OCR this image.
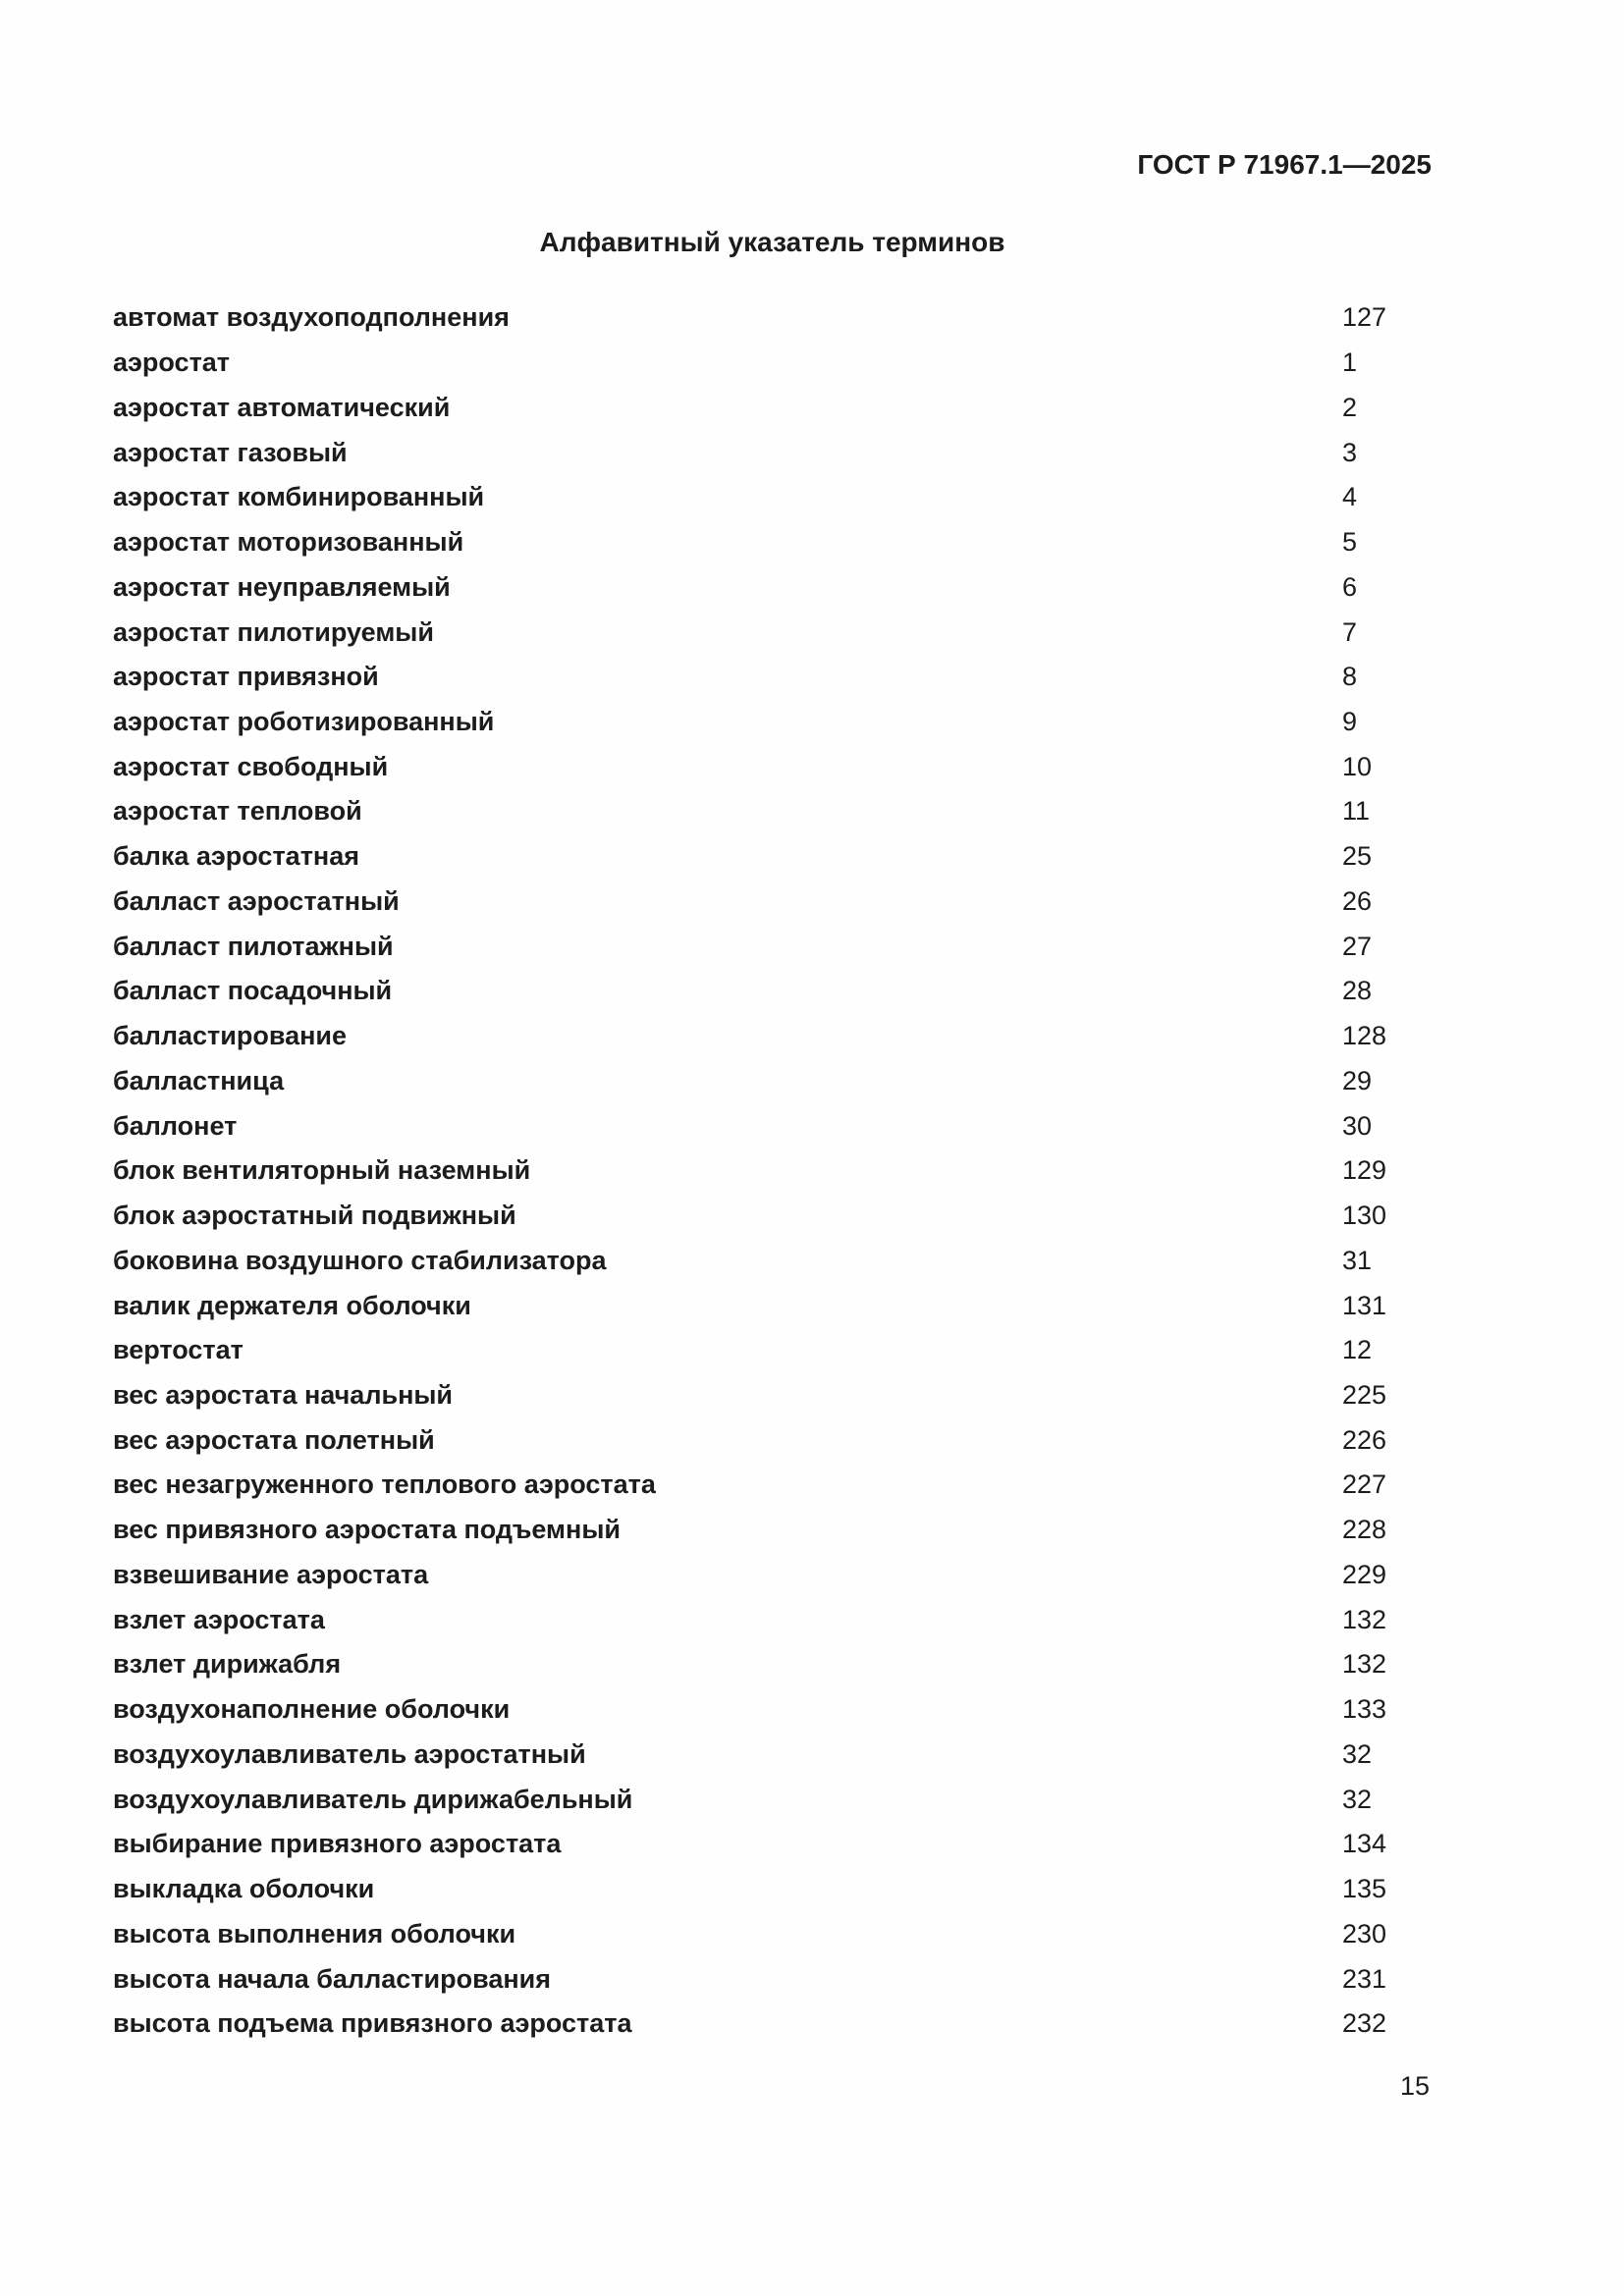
ГОСТ Р 71967.1—2025
Алфавитный указатель терминов
автомат воздухоподполнения	127
аэростат	1
аэростат автоматический	2
аэростат газовый	3
аэростат комбинированный	4
аэростат моторизованный	5
аэростат неуправляемый	6
аэростат пилотируемый	7
аэростат привязной	8
аэростат роботизированный	9
аэростат свободный	10
аэростат тепловой	11
балка аэростатная	25
балласт аэростатный	26
балласт пилотажный	27
балласт посадочный	28
балластирование	128
балластница	29
баллонет	30
блок вентиляторный наземный	129
блок аэростатный подвижный	130
боковина воздушного стабилизатора	31
валик держателя оболочки	131
вертостат	12
вес аэростата начальный	225
вес аэростата полетный	226
вес незагруженного теплового аэростата	227
вес привязного аэростата подъемный	228
взвешивание аэростата	229
взлет аэростата	132
взлет дирижабля	132
воздухонаполнение оболочки	133
воздухоулавливатель аэростатный	32
воздухоулавливатель дирижабельный	32
выбирание привязного аэростата	134
выкладка оболочки	135
высота выполнения оболочки	230
высота начала балластирования	231
высота подъема привязного аэростата	232
15
